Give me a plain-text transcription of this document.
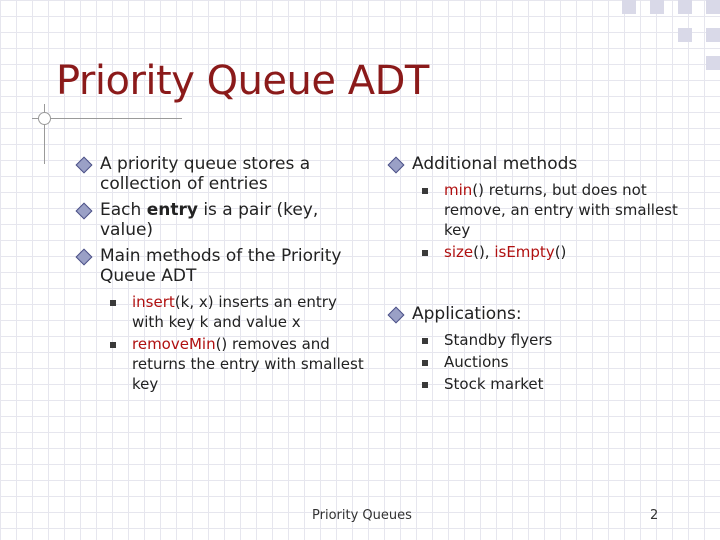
Priority Queue ADT
A priority queue stores a collection of entries
Each entry is a pair (key, value)
Main methods of the Priority Queue ADT
insert(k, x) inserts an entry with key k and value x
removeMin() removes and returns the entry with smallest key
Additional methods
min() returns, but does not remove, an entry with smallest key
size(), isEmpty()
Applications:
Standby flyers
Auctions
Stock market
Priority Queues	2
